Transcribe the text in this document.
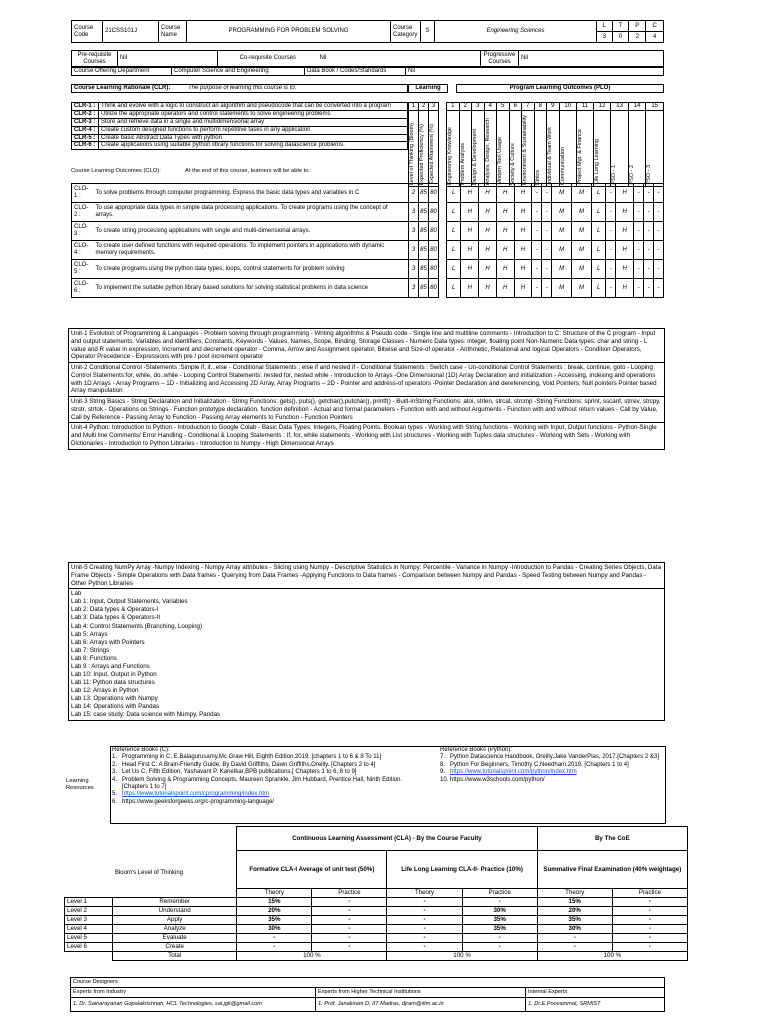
Course Code	21CSS101J	Course Name	PROGRAMMING FOR PROBLEM SOLVING	Course Category	S	Engineering Sciences	L	T	P	C
							3	0	2	4
Pre-requisite Courses	Nil	Co-requisite Courses	Nil	Progressive Courses	Nil
Course Offering Department	Computer Science and Engineering	Data Book / Codes/Standards	Nil
Course Learning Rationale (CLR):	The purpose of learning this course is to:	Learning	Program Learning Outcomes (PLO)
CLR-1 :	Think and evolve with a logic to construct an algorithm and pseudocode that can be converted into a program
CLR-2 :	Utilize the appropriate operators and control statements to solve engineering problems
CLR-3 :	Store and retrieve data in a single and multidimensional array
CLR-4 :	Create custom designed functions to perform repetitive tasks in any application
CLR-5 :	Create basic Abstract Data Types with python
CLR-6 :	Create applications using suitable python library functions for solving datascience problems.
Course Learning Outcomes (CLO):	At the end of this course, learners will be able to:
1	2	3		1	2	3	4	5	6	7	8	9	10	11	12	13	14	15

Level of Thinking (Bloom)	Expected Proficiency (%)	Expected Attainment (%)		Engineering Knowledge	Problem Analysis	Design & Development	Analysis, Design, Research	Modern Tool Usage	Society & Culture	Environment & Sustainability	Ethics	Individual & Team Work	Communication	Project Mgt. & Finance	Life Long Learning	PSO - 1	PSO - 2	PSO - 3
CLO-1 :	To solve problems through computer programming. Express the basic data types and variables in C	2	85	80		L	H	H	H	H	-	-	M	M	L	-	H	-	-	-
CLO-2 :	To use appropriate data types in simple data processing applications. To create programs using the concept of arrays.	3	85	80		L	H	H	H	H	-	-	M	M	L	-	H	-	-	-
CLO-3 :	To create string processing applications with single and multi-dimensional arrays.	3	85	80		L	H	H	H	H	-	-	M	M	L	-	H	-	-	-
CLO-4 :	To create user defined functions with required operations. To implement pointers in applications with dynamic memory requirements.	3	85	80		L	H	H	H	H	-	-	M	M	L	-	H	-	-	-
CLO-5 :	To create programs using the python data types, loops, control statements for problem solving	3	85	80		L	H	H	H	H	-	-	M	M	L	-	H	-	-	-
CLO-6 :	To implement the suitable python library based solutions for solving statistical problems in data science	3	85	80		L	H	H	H	H	-	-	M	M	L	-	H	-	-	-
Unit-1 Evolution of Programming & Languages - Problem solving through programming - Writing algorithms & Pseudo code - Single line and multiline comments - Introduction to C: Structure of the C program - Input and output statements. Variables and identifiers, Constants, Keywords - Values, Names, Scope, Binding, Storage Classes - Numeric Data types: integer, floating point Non-Numeric Data types: char and string - L value and R value in expression, Increment and decrement operator - Comma, Arrow and Assignment operator, Bitwise and Size-of operator - Arithmetic, Relational and logical Operators - Condition Operators, Operator Precedence - Expressions with pre / post increment operator
Unit-2 Conditional Control -Statements :Simple if, if...else - Conditional Statements : else if and nested if - Conditional Statements : Switch case - Un-conditional Control Statements : break, continue, goto - Looping Control Statements:for, while, do..while - Looping Control Statements: nested for, nested while - Introduction to Arrays -One Dimensional (1D) Array Declaration and initialization - Accessing, Indexing and operations with 1D Arrays - Array Programs – 1D - Initializing and Accessing 2D Array, Array Programs – 2D - Pointer and address-of operators -Pointer Declaration and dereferencing, Void Pointers, Null pointers Pointer based Array manipulation
Unit-3 String Basics - String Declaration and Initialization - String Functions: gets(), puts(), getchar(),putchar(), printf() - Built-inString Functions: atoi, strlen, strcat, strcmp -String Functions: sprint, sscanf, strrev, strcpy, strstr, strtok - Operations on Strings - Function prototype declaration, function definition - Actual and formal parameters - Function with and without Arguments - Function with and without return values - Call by Value, Call by Reference - Passing Array to Function - Passing Array elements to Function - Function Pointers
Unit-4 Python: Introduction to Python - Introduction to Google Colab - Basic Data Types: Integers, Floating Points, Boolean types - Working with String functions - Working with Input, Output functions - Python-Single and Multi line Comments/ Error Handling - Conditional & Looping Statements : If, for, while statements - Working with List structures - Working with Tuples data structures - Working with Sets - Working with Dictionaries - Introduction to Python Libraries - Introduction to Numpy - High Dimensional Arrays
Unit-5 Creating NumPy Array -Numpy Indexing - Numpy Array attributes - Slicing using Numpy - Descriptive Statistics in Numpy: Percentile - Variance in Numpy -Introduction to Pandas - Creating Series Objects, Data Frame Objects - Simple Operations with Data frames - Querying from Data Frames -Applying Functions to Data frames - Comparison between Numpy and Pandas - Speed Testing between Numpy and Pandas - Other Python Libraries
Lab
Lab 1: Input, Output Statements, Variables
Lab 2: Data types & Operators-I
Lab 3: Data types & Operators-II
Lab 4: Control Statements (Branching, Looping)
Lab 5: Arrays
Lab 6: Arrays with Pointers
Lab 7: Strings
Lab 8: Functions
Lab 9 : Arrays and Functions
Lab 10: Input, Output in Python
Lab 11: Python data structures
Lab 12: Arrays in Python
Lab 13: Operations with Numpy
Lab 14: Operations with Pandas
Lab 15: case study: Data science with Numpy, Pandas
Learning Resources
Reference Books (C):
1. Programming in C, E.Balagurusamy,Mc Graw Hill, Eighth Edition.2019. [chapters 1 to 6 & 8 To 11]
2. Head First C: A Brain-Friendly Guide, By David Griffiths, Dawn Griffiths,Oreilly. [Chapters 2 to 4]
3. Let Us C, Fifth Edition, Yashavant P. Kanetkar,BPB publications.[ Chapters 1 to 6, 8 to 9]
4. Problem Solving & Programming Concepts, Maureen Sprankle, Jim Hubbard, Prentice Hall, Ninth Edition. [Chapters 1 to 7]
5. https://www.tutorialspoint.com/cprogramming/index.htm
6. https://www.geeksforgeeks.org/c-programming-language/
Reference Books (Python):
7. Python Datascience Handbook, Oreilly,Jake VanderPlas, 2017.[Chapters 2 &3]
8. Python For Beginners, Timothy C.Needham,2019. [Chapters 1 to 4]
9. https://www.tutorialspoint.com/python/index.htm
10. https://www.w3schools.com/python/
		Continuous Learning Assessment (CLA) - By the Course Faculty				By The CoE	
		Formative CLA-I Average of unit test (50%)		Life Long Learning CLA-II- Practice (10%)		Summative Final Examination (40% weightage)	
		Theory	Practice	Theory	Practice	Theory	Practice
Level 1	Remember	15%	-	-	-	15%	-
Level 2	Understand	20%	-	-	30%	20%	-
Level 3	Apply	35%	-	-	35%	35%	-
Level 4	Analyze	30%	-	-	35%	30%	-
Level 5	Evaluate	-	-	-	-	-	-
Level 6	Create	-	-	-	-	-	-
	Total	100 %		100 %		100 %	
Bloom's Level of Thinking
Course Designers		
Experts from Industry	Experts from Higher Technical Institutions	Internal Experts
1. Dr. Sainarayanan Gopalakrishnan, HCL Technologies, sai.jgk@gmail.com	1. Prof. Janakiram D, IIT Madras, djram@iitm.ac.in	1. Dr.E.Poovammal, SRMIST
